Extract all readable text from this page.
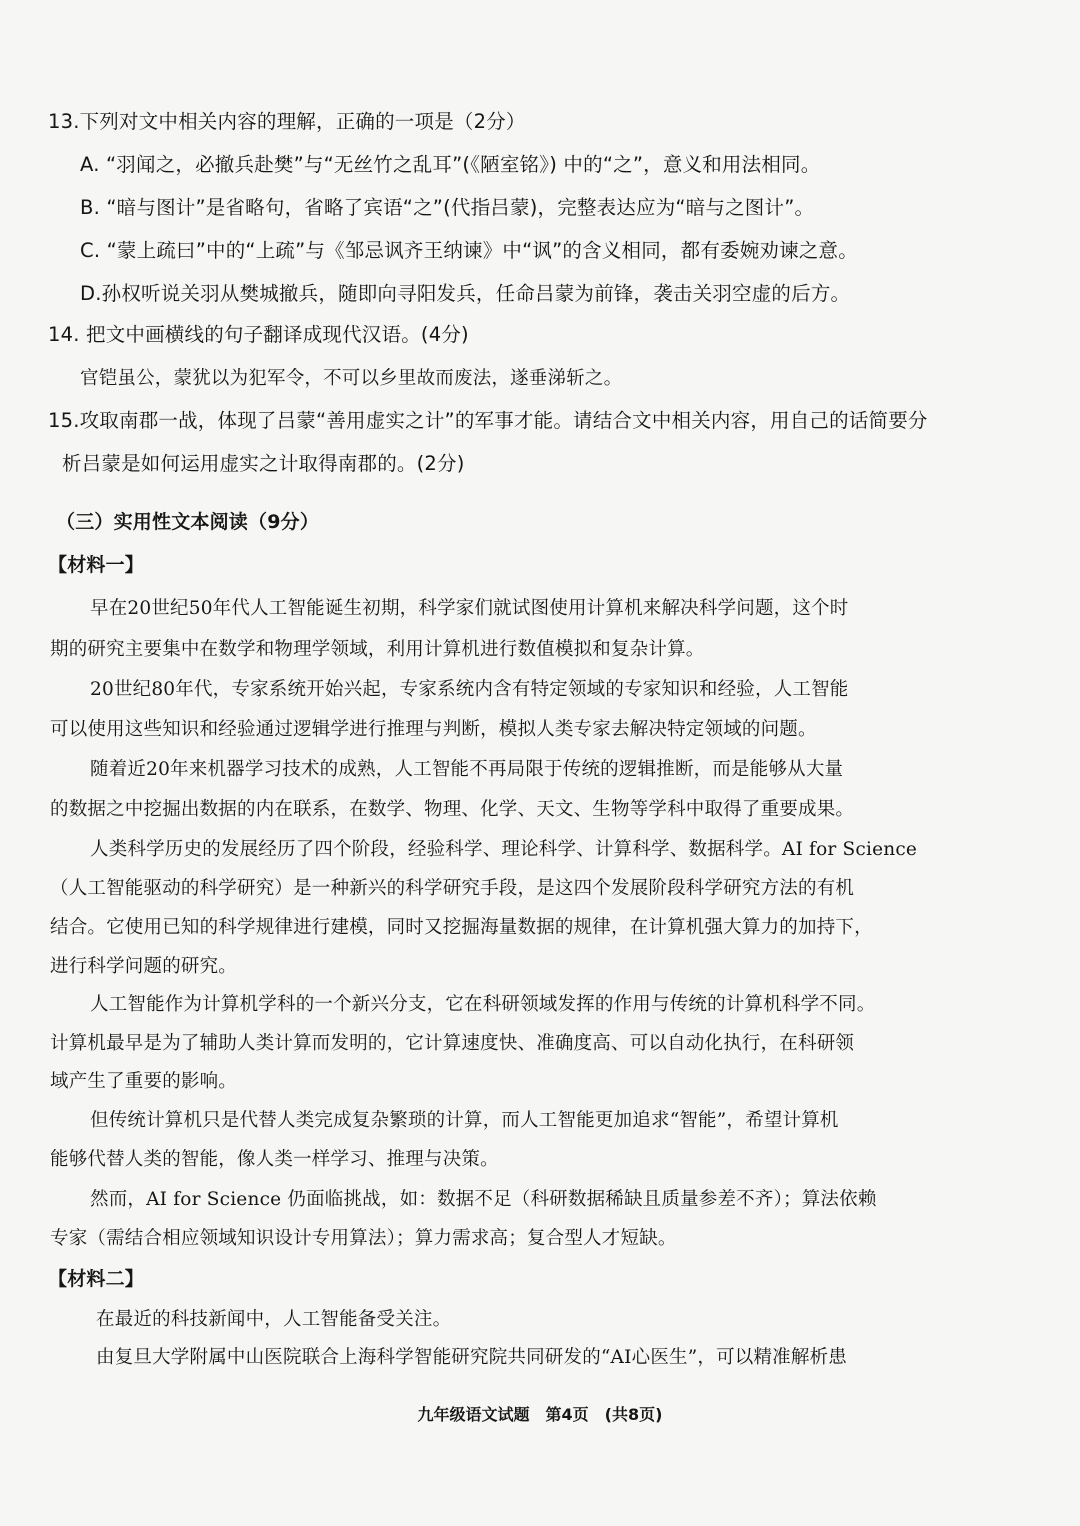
13.下列对文中相关内容的理解，正确的一项是（2分）
A. “羽闻之，必撤兵赴樊”与“无丝竹之乱耳”(《陋室铭》) 中的“之”，意义和用法相同。
B. “暗与图计”是省略句，省略了宾语“之”(代指吕蒙)，完整表达应为“暗与之图计”。
C. “蒙上疏曰”中的“上疏”与《邹忌讽齐王纳谏》中“讽”的含义相同，都有委婉劝谏之意。
D.孙权听说关羽从樊城撤兵，随即向寻阳发兵，任命吕蒙为前锋，袭击关羽空虚的后方。
14. 把文中画横线的句子翻译成现代汉语。(4分)
官铠虽公，蒙犹以为犯军令，不可以乡里故而废法，遂垂涕斩之。
15.攻取南郡一战，体现了吕蒙“善用虚实之计”的军事才能。请结合文中相关内容，用自己的话简要分
析吕蒙是如何运用虚实之计取得南郡的。(2分)
（三）实用性文本阅读（9分）
【材料一】
早在20世纪50年代人工智能诞生初期，科学家们就试图使用计算机来解决科学问题，这个时
期的研究主要集中在数学和物理学领域，利用计算机进行数值模拟和复杂计算。
20世纪80年代，专家系统开始兴起，专家系统内含有特定领域的专家知识和经验，人工智能
可以使用这些知识和经验通过逻辑学进行推理与判断，模拟人类专家去解决特定领域的问题。
随着近20年来机器学习技术的成熟，人工智能不再局限于传统的逻辑推断，而是能够从大量
的数据之中挖掘出数据的内在联系，在数学、物理、化学、天文、生物等学科中取得了重要成果。
人类科学历史的发展经历了四个阶段，经验科学、理论科学、计算科学、数据科学。AI for Science
（人工智能驱动的科学研究）是一种新兴的科学研究手段，是这四个发展阶段科学研究方法的有机
结合。它使用已知的科学规律进行建模，同时又挖掘海量数据的规律，在计算机强大算力的加持下，
进行科学问题的研究。
人工智能作为计算机学科的一个新兴分支，它在科研领域发挥的作用与传统的计算机科学不同。
计算机最早是为了辅助人类计算而发明的，它计算速度快、准确度高、可以自动化执行，在科研领
域产生了重要的影响。
但传统计算机只是代替人类完成复杂繁琐的计算，而人工智能更加追求“智能”，希望计算机
能够代替人类的智能，像人类一样学习、推理与决策。
然而，AI for Science 仍面临挑战，如：数据不足（科研数据稀缺且质量参差不齐）；算法依赖
专家（需结合相应领域知识设计专用算法）；算力需求高；复合型人才短缺。
【材料二】
在最近的科技新闻中，人工智能备受关注。
由复旦大学附属中山医院联合上海科学智能研究院共同研发的“AI心医生”，可以精准解析患
九年级语文试题　第4页　(共8页)
